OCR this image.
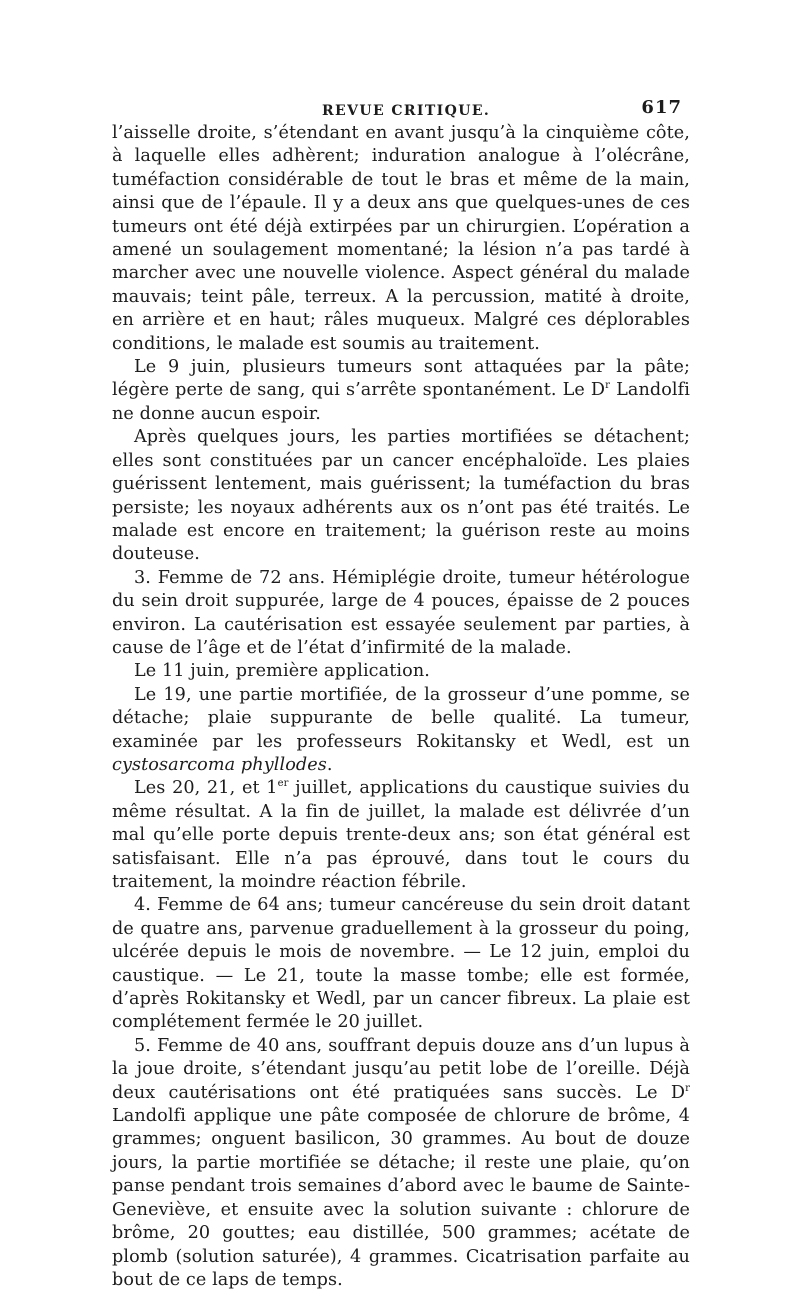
REVUE CRITIQUE.	617

l’aisselle droite, s’étendant en avant jusqu’à la cinquième côte, à laquelle elles adhèrent; induration analogue à l’olécrâne, tuméfaction considérable de tout le bras et même de la main, ainsi que de l’épaule. Il y a deux ans que quelques-unes de ces tumeurs ont été déjà extirpées par un chirurgien. L’opération a amené un soulagement momentané; la lésion n’a pas tardé à marcher avec une nouvelle violence. Aspect général du malade mauvais; teint pâle, terreux. A la percussion, matité à droite, en arrière et en haut; râles muqueux. Malgré ces déplorables conditions, le malade est soumis au traitement.

Le 9 juin, plusieurs tumeurs sont attaquées par la pâte; légère perte de sang, qui s’arrête spontanément. Le $D^r$ Landolfi ne donne aucun espoir.

Après quelques jours, les parties mortifiées se détachent; elles sont constituées par un cancer encéphaloïde. Les plaies guérissent lentement, mais guérissent; la tuméfaction du bras persiste; les noyaux adhérents aux os n’ont pas été traités. Le malade est encore en traitement; la guérison reste au moins douteuse.

3. Femme de 72 ans. Hémiplégie droite, tumeur hétérologue du sein droit suppurée, large de 4 pouces, épaisse de 2 pouces environ. La cautérisation est essayée seulement par parties, à cause de l’âge et de l’état d’infirmité de la malade.

Le 11 juin, première application.

Le 19, une partie mortifiée, de la grosseur d’une pomme, se détache; plaie suppurante de belle qualité. La tumeur, examinée par les professeurs Rokitansky et Wedl, est un cystosarcoma phyllodes.

Les 20, 21, et 1er juillet, applications du caustique suivies du même résultat. A la fin de juillet, la malade est délivrée d’un mal qu’elle porte depuis trente-deux ans; son état général est satisfaisant. Elle n’a pas éprouvé, dans tout le cours du traitement, la moindre réaction fébrile.

4. Femme de 64 ans; tumeur cancéreuse du sein droit datant de quatre ans, parvenue graduellement à la grosseur du poing, ulcérée depuis le mois de novembre. — Le 12 juin, emploi du caustique. — Le 21, toute la masse tombe; elle est formée, d’après Rokitansky et Wedl, par un cancer fibreux. La plaie est complétement fermée le 20 juillet.

5. Femme de 40 ans, souffrant depuis douze ans d’un lupus à la joue droite, s’étendant jusqu’au petit lobe de l’oreille. Déjà deux cautérisations ont été pratiquées sans succès. Le $D^r$ Landolfi applique une pâte composée de chlorure de brôme, 4 grammes; onguent basilicon, 30 grammes. Au bout de douze jours, la partie mortifiée se détache; il reste une plaie, qu’on panse pendant trois semaines d’abord avec le baume de Sainte-Geneviève, et ensuite avec la solution suivante : chlorure de brôme, 20 gouttes; eau distillée, 500 grammes; acétate de plomb (solution saturée), 4 grammes. Cicatrisation parfaite au bout de ce laps de temps.
